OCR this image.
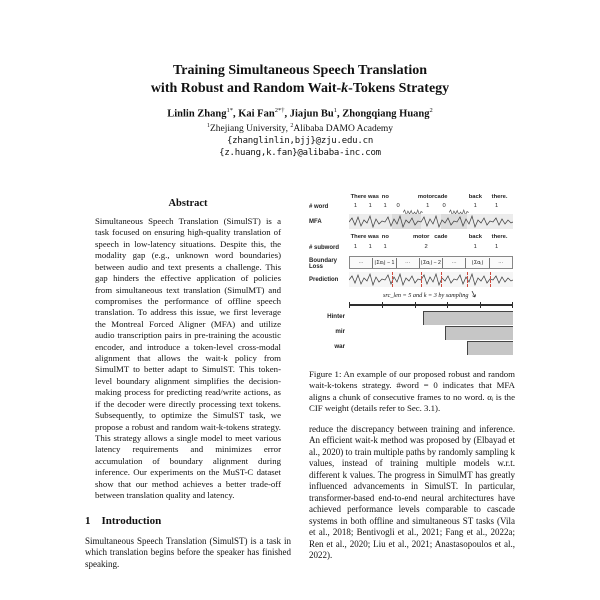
Training Simultaneous Speech Translation
with Robust and Random Wait-k-Tokens Strategy
Linlin Zhang$^{1*}$, Kai Fan$^{2*\dagger}$, Jiajun Bu$^1$, Zhongqiang Huang$^2$
$^1$Zhejiang University, $^2$Alibaba DAMO Academy
{zhanglinlin,bjj}@zju.edu.cn
{z.huang,k.fan}@alibaba-inc.com
Abstract

Simultaneous Speech Translation (SimulST) is a task focused on ensuring high-quality translation of speech in low-latency situations. Despite this, the modality gap (e.g., unknown word boundaries) between audio and text presents a challenge. This gap hinders the effective application of policies from simultaneous text translation (SimulMT) and compromises the performance of offline speech translation. To address this issue, we first leverage the Montreal Forced Aligner (MFA) and utilize audio transcription pairs in pre-training the acoustic encoder, and introduce a token-level cross-modal alignment that allows the wait-k policy from SimulMT to better adapt to SimulST. This token-level boundary alignment simplifies the decision-making process for predicting read/write actions, as if the decoder were directly processing text tokens. Subsequently, to optimize the SimulST task, we propose a robust and random wait-k-tokens strategy. This strategy allows a single model to meet various latency requirements and minimizes error accumulation of boundary alignment during inference. Our experiments on the MuST-C dataset show that our method achieves a better trade-off between translation quality and latency.

1 Introduction

Simultaneous Speech Translation (SimulST) is a task in which translation begins before the speaker has finished speaking.

There was no	motorcade	back there.
# word	1 1 1 0	1 0	1	1
MFA
There was no	motor cade	back there.
# subword	1 1 1	2	1	1
Boundary Loss
⋯	⌊Σαᵢ⌋ − 1	⋯	⌊Σαᵢ⌋ − 2	⋯	⌊Σαᵢ⌋	⋯
Prediction
src_len = 5 and k = 3 by sampling
Hinter
mir
war

Figure 1: An example of our proposed robust and random wait-k-tokens strategy. #word = 0 indicates that MFA aligns a chunk of consecutive frames to no word. αᵢ is the CIF weight (details refer to Sec. 3.1).

reduce the discrepancy between training and inference. An efficient wait-k method was proposed by (Elbayad et al., 2020) to train multiple paths by randomly sampling k values, instead of training multiple models w.r.t. different k values. The progress in SimulMT has greatly influenced advancements in SimulST. In particular, transformer-based end-to-end neural architectures have achieved performance levels comparable to cascade systems in both offline and simultaneous ST tasks (Vila et al., 2018; Bentivogli et al., 2021; Fang et al., 2022a; Ren et al., 2020; Liu et al., 2021; Anastasopoulos et al., 2022).
